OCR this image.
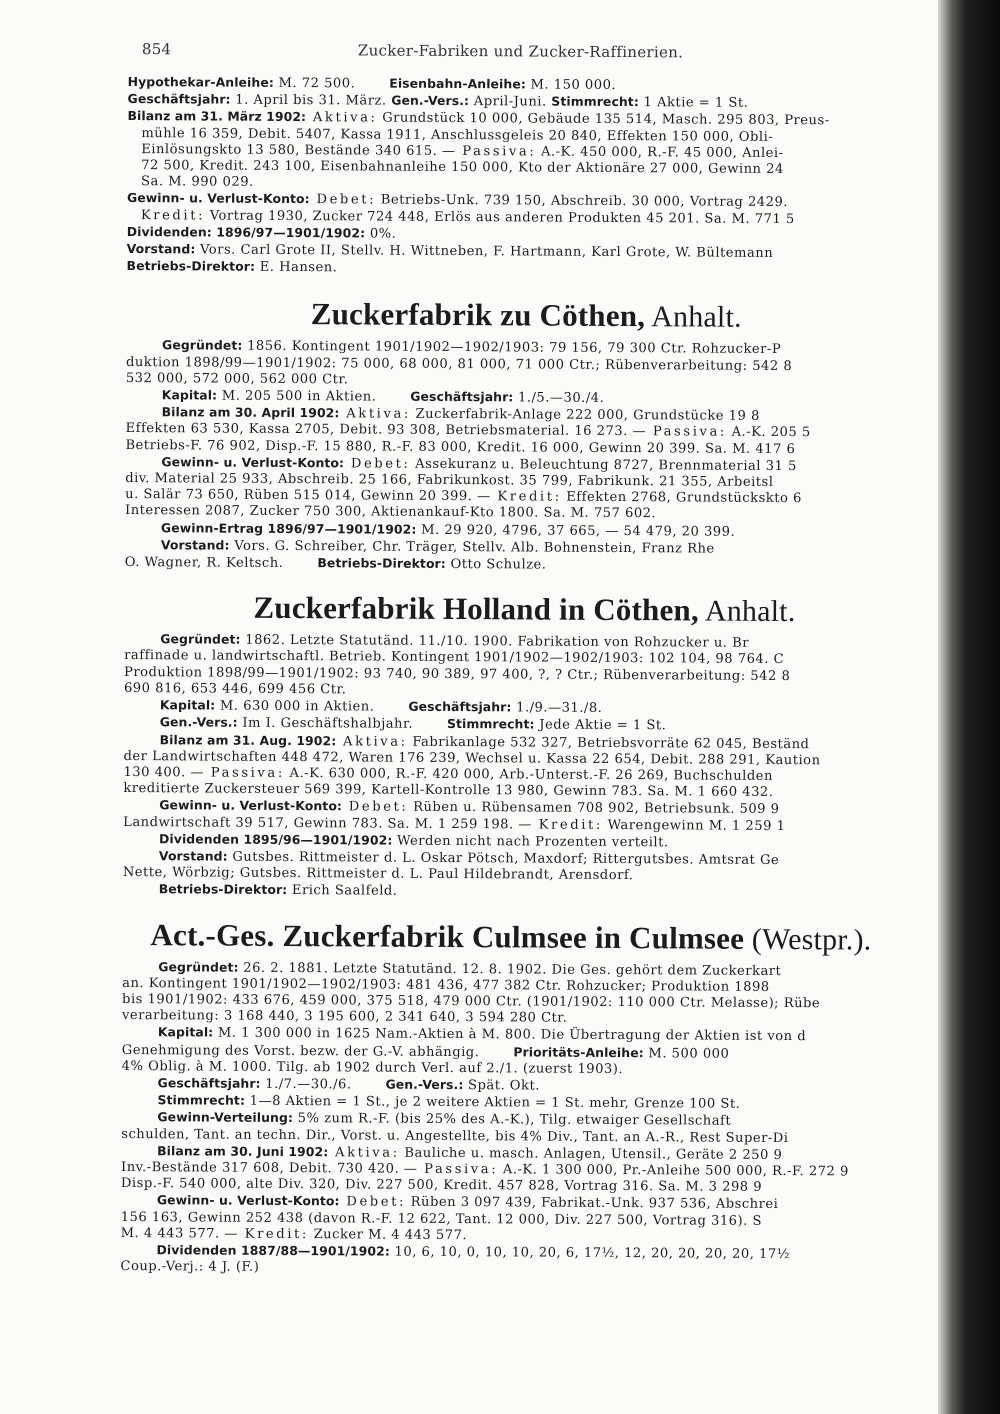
854	Zucker-Fabriken und Zucker-Raffinerien.
Hypothekar-Anleihe: M. 72 500.	Eisenbahn-Anleihe: M. 150 000.
Geschäftsjahr: 1. April bis 31. März. Gen.-Vers.: April-Juni. Stimmrecht: 1 Aktie = 1 St.
Bilanz am 31. März 1902: Aktiva: Grundstück 10 000, Gebäude 135 514, Masch. 295 803, Preus-
mühle 16 359, Debit. 5407, Kassa 1911, Anschlussgeleis 20 840, Effekten 150 000, Obli-
Einlösungskto 13 580, Bestände 340 615. — Passiva: A.-K. 450 000, R.-F. 45 000, Anlei-
72 500, Kredit. 243 100, Eisenbahnanleihe 150 000, Kto der Aktionäre 27 000, Gewinn 24
Sa. M. 990 029.
Gewinn- u. Verlust-Konto: Debet: Betriebs-Unk. 739 150, Abschreib. 30 000, Vortrag 2429.
Kredit: Vortrag 1930, Zucker 724 448, Erlös aus anderen Produkten 45 201. Sa. M. 771 5
Dividenden: 1896/97—1901/1902: 0%.
Vorstand: Vors. Carl Grote II, Stellv. H. Wittneben, F. Hartmann, Karl Grote, W. Bültemann
Betriebs-Direktor: E. Hansen.
Zuckerfabrik zu Cöthen, Anhalt.
Gegründet: 1856. Kontingent 1901/1902—1902/1903: 79 156, 79 300 Ctr. Rohzucker-P
duktion 1898/99—1901/1902: 75 000, 68 000, 81 000, 71 000 Ctr.; Rübenverarbeitung: 542 8
532 000, 572 000, 562 000 Ctr.
Kapital: M. 205 500 in Aktien.	Geschäftsjahr: 1./5.—30./4.
Bilanz am 30. April 1902: Aktiva: Zuckerfabrik-Anlage 222 000, Grundstücke 19 8
Effekten 63 530, Kassa 2705, Debit. 93 308, Betriebsmaterial. 16 273. — Passiva: A.-K. 205 5
Betriebs-F. 76 902, Disp.-F. 15 880, R.-F. 83 000, Kredit. 16 000, Gewinn 20 399. Sa. M. 417 6
Gewinn- u. Verlust-Konto: Debet: Assekuranz u. Beleuchtung 8727, Brennmaterial 31 5
div. Material 25 933, Abschreib. 25 166, Fabrikunkost. 35 799, Fabrikunk. 21 355, Arbeitsl
u. Salär 73 650, Rüben 515 014, Gewinn 20 399. — Kredit: Effekten 2768, Grundstückskto 6
Interessen 2087, Zucker 750 300, Aktienankauf-Kto 1800. Sa. M. 757 602.
Gewinn-Ertrag 1896/97—1901/1902: M. 29 920, 4796, 37 665, — 54 479, 20 399.
Vorstand: Vors. G. Schreiber, Chr. Träger, Stellv. Alb. Bohnenstein, Franz Rhe
O. Wagner, R. Keltsch.	Betriebs-Direktor: Otto Schulze.
Zuckerfabrik Holland in Cöthen, Anhalt.
Gegründet: 1862. Letzte Statutänd. 11./10. 1900. Fabrikation von Rohzucker u. Br
raffinade u. landwirtschaftl. Betrieb. Kontingent 1901/1902—1902/1903: 102 104, 98 764. C
Produktion 1898/99—1901/1902: 93 740, 90 389, 97 400, ?, ? Ctr.; Rübenverarbeitung: 542 8
690 816, 653 446, 699 456 Ctr.
Kapital: M. 630 000 in Aktien.	Geschäftsjahr: 1./9.—31./8.
Gen.-Vers.: Im I. Geschäftshalbjahr.	Stimmrecht: Jede Aktie = 1 St.
Bilanz am 31. Aug. 1902: Aktiva: Fabrikanlage 532 327, Betriebsvorräte 62 045, Beständ
der Landwirtschaften 448 472, Waren 176 239, Wechsel u. Kassa 22 654, Debit. 288 291, Kaution
130 400. — Passiva: A.-K. 630 000, R.-F. 420 000, Arb.-Unterst.-F. 26 269, Buchschulden
kreditierte Zuckersteuer 569 399, Kartell-Kontrolle 13 980, Gewinn 783. Sa. M. 1 660 432.
Gewinn- u. Verlust-Konto: Debet: Rüben u. Rübensamen 708 902, Betriebsunk. 509 9
Landwirtschaft 39 517, Gewinn 783. Sa. M. 1 259 198. — Kredit: Warengewinn M. 1 259 1
Dividenden 1895/96—1901/1902: Werden nicht nach Prozenten verteilt.
Vorstand: Gutsbes. Rittmeister d. L. Oskar Pötsch, Maxdorf; Rittergutsbes. Amtsrat Ge
Nette, Wörbzig; Gutsbes. Rittmeister d. L. Paul Hildebrandt, Arensdorf.
Betriebs-Direktor: Erich Saalfeld.
Act.-Ges. Zuckerfabrik Culmsee in Culmsee (Westpr.).
Gegründet: 26. 2. 1881. Letzte Statutänd. 12. 8. 1902. Die Ges. gehört dem Zuckerkart
an. Kontingent 1901/1902—1902/1903: 481 436, 477 382 Ctr. Rohzucker; Produktion 1898
bis 1901/1902: 433 676, 459 000, 375 518, 479 000 Ctr. (1901/1902: 110 000 Ctr. Melasse); Rübe
verarbeitung: 3 168 440, 3 195 600, 2 341 640, 3 594 280 Ctr.
Kapital: M. 1 300 000 in 1625 Nam.-Aktien à M. 800. Die Übertragung der Aktien ist von d
Genehmigung des Vorst. bezw. der G.-V. abhängig.	Prioritäts-Anleihe: M. 500 000
4% Oblig. à M. 1000. Tilg. ab 1902 durch Verl. auf 2./1. (zuerst 1903).
Geschäftsjahr: 1./7.—30./6.	Gen.-Vers.: Spät. Okt.
Stimmrecht: 1—8 Aktien = 1 St., je 2 weitere Aktien = 1 St. mehr, Grenze 100 St.
Gewinn-Verteilung: 5% zum R.-F. (bis 25% des A.-K.), Tilg. etwaiger Gesellschaft
schulden, Tant. an techn. Dir., Vorst. u. Angestellte, bis 4% Div., Tant. an A.-R., Rest Super-Di
Bilanz am 30. Juni 1902: Aktiva: Bauliche u. masch. Anlagen, Utensil., Geräte 2 250 9
Inv.-Bestände 317 608, Debit. 730 420. — Passiva: A.-K. 1 300 000, Pr.-Anleihe 500 000, R.-F. 272 9
Disp.-F. 540 000, alte Div. 320, Div. 227 500, Kredit. 457 828, Vortrag 316. Sa. M. 3 298 9
Gewinn- u. Verlust-Konto: Debet: Rüben 3 097 439, Fabrikat.-Unk. 937 536, Abschrei
156 163, Gewinn 252 438 (davon R.-F. 12 622, Tant. 12 000, Div. 227 500, Vortrag 316). S
M. 4 443 577. — Kredit: Zucker M. 4 443 577.
Dividenden 1887/88—1901/1902: 10, 6, 10, 0, 10, 10, 20, 6, 17½, 12, 20, 20, 20, 20, 17½
Coup.-Verj.: 4 J. (F.)
